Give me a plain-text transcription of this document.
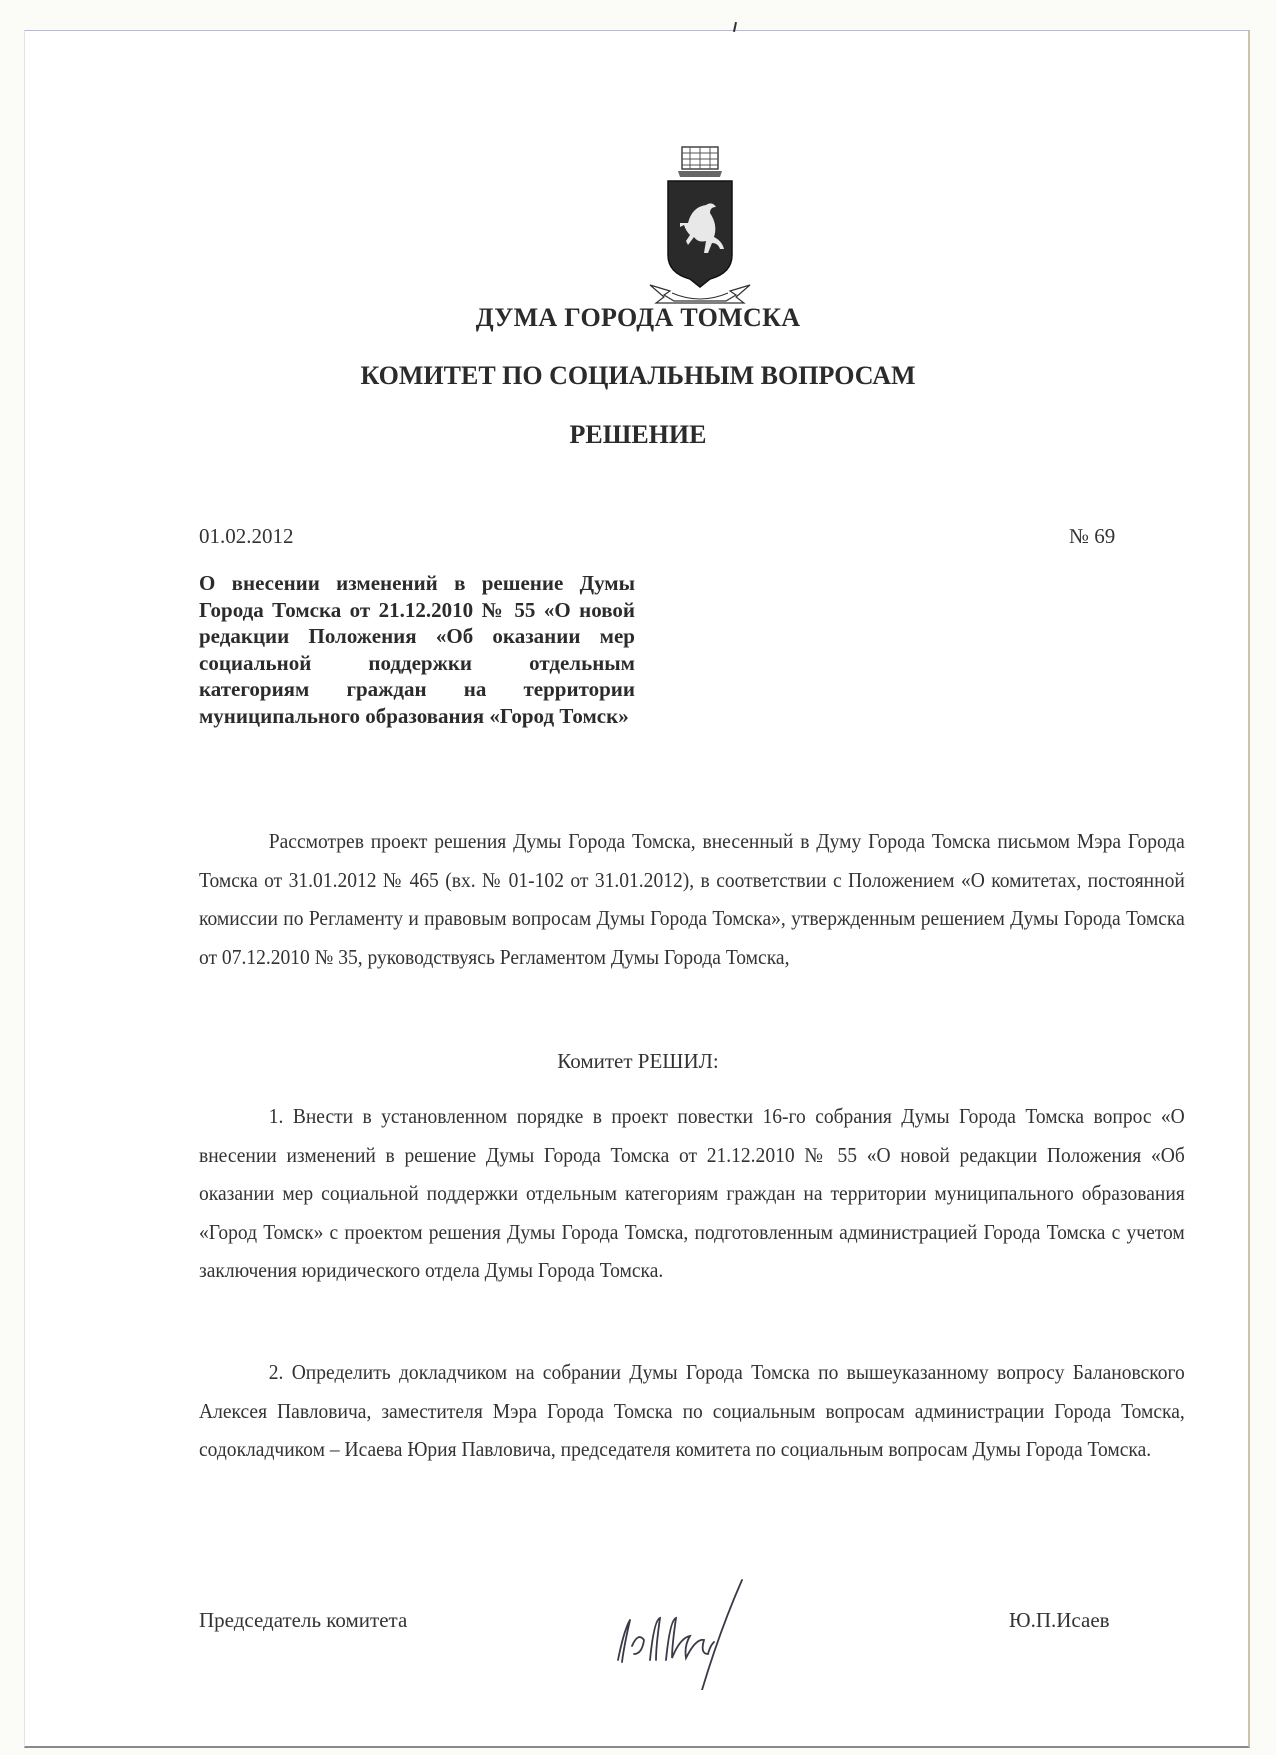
ДУМА ГОРОДА ТОМСКА
КОМИТЕТ ПО СОЦИАЛЬНЫМ ВОПРОСАМ
РЕШЕНИЕ
01.02.2012	№ 69
О внесении изменений в решение Думы Города Томска от 21.12.2010 № 55 «О новой редакции Положения «Об оказании мер социальной поддержки отдельным категориям граждан на территории муниципального образования «Город Томск»
Рассмотрев проект решения Думы Города Томска, внесенный в Думу Города Томска письмом Мэра Города Томска от 31.01.2012 № 465 (вх. № 01-102 от 31.01.2012), в соответствии с Положением «О комитетах, постоянной комиссии по Регламенту и правовым вопросам Думы Города Томска», утвержденным решением Думы Города Томска от 07.12.2010 № 35, руководствуясь Регламентом Думы Города Томска,
Комитет РЕШИЛ:
1. Внести в установленном порядке в проект повестки 16-го собрания Думы Города Томска вопрос «О внесении изменений в решение Думы Города Томска от 21.12.2010 № 55 «О новой редакции Положения «Об оказании мер социальной поддержки отдельным категориям граждан на территории муниципального образования «Город Томск» с проектом решения Думы Города Томска, подготовленным администрацией Города Томска с учетом заключения юридического отдела Думы Города Томска.
2. Определить докладчиком на собрании Думы Города Томска по вышеуказанному вопросу Балановского Алексея Павловича, заместителя Мэра Города Томска по социальным вопросам администрации Города Томска, содокладчиком – Исаева Юрия Павловича, председателя комитета по социальным вопросам Думы Города Томска.
Председатель комитета	Ю.П.Исаев
